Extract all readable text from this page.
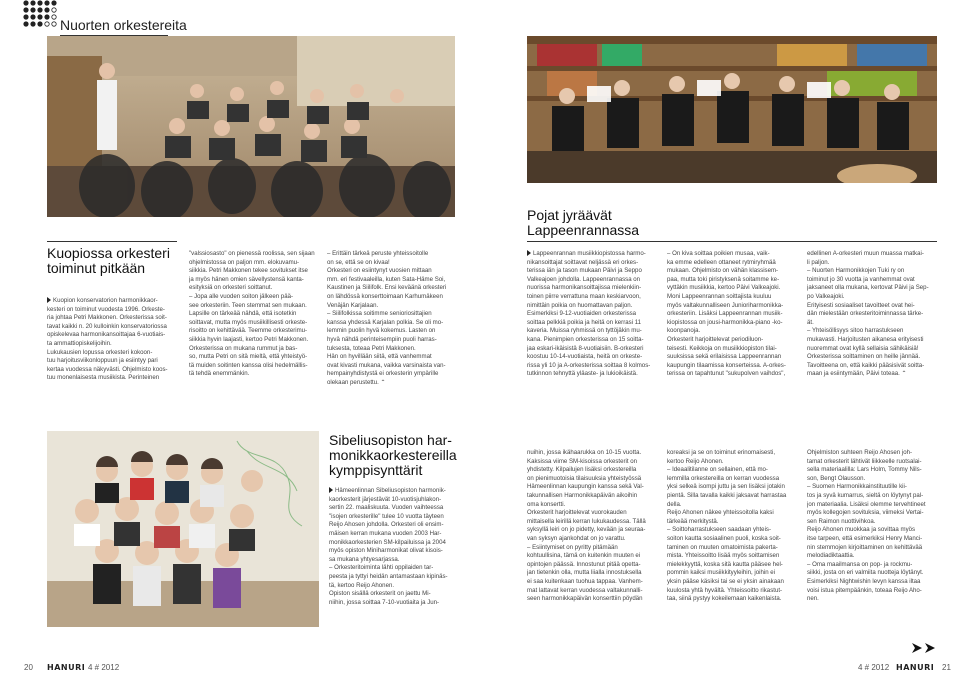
Nuorten orkestereita
Pojat jyräävät
Lappeenrannassa
Kuopiossa orkesteri
toiminut pitkään
Kuopion konservatorion harmonikkaor-
kesteri on toiminut vuodesta 1996. Orkeste-
ria johtaa Petri Makkonen. Orkesterissa soit-
tavat kaikki n. 20 kulloinkin konservatoriossa
opiskelevaa harmonikansoittajaa 6-vuotiais-
ta ammattiopiskelijoihin.
Lukukausien lopussa orkesteri kokoon-
tuu harjoitusviikonloppuun ja esiintyy pari
kertaa vuodessa näkyvästi. Ohjelmisto koos-
tuu monenlaisesta musiikista. Perinteinen
"valssiosasto" on pienessä roolissa, sen sijaan
ohjelmistossa on paljon mm. elokuvamu-
siikkia. Petri Makkonen tekee sovitukset itse
ja myös hänen omien sävellystensä kanta-
esityksiä on orkesteri soittanut.
– Jopa alle vuoden soiton jälkeen pää-
see orkesteriin. Teen stemmat sen mukaan.
Lapsille on tärkeää nähdä, että isotetkin
soittavat, mutta myös musiikillisesti orkeste-
risoitto on kehittävää. Teemme orkesterimu-
siikkia hyvin laajasti, kertoo Petri Makkonen.
Orkesterissa on mukana rummut ja bas-
so, mutta Petri on sitä mieltä, että yhteistyö-
tä muiden soitinten kanssa olisi hedelmällis-
tä tehdä enemmänkin.
– Erittäin tärkeä peruste yhteissoitolle
on se, että se on kivaa!
Orkesteri on esiintynyt vuosien mittaan
mm. eri festivaaleilla, kuten Sata-Häme Soi,
Kaustinen ja Siilifolk. Ensi keväänä orkesteri
on lähdössä konserttoimaan Karhumäkeen
Venäjän Karjalaan.
– Siilifolkissa soitimme senioriosittajien
kanssa yhdessä Karjalan polkia. Se oli mo-
lemmin puolin hyvä kokemus. Lasten on
hyvä nähdä perinteisempiin puoli harras-
tuksesta, toteaa Petri Makkonen.
Hän on hyvillään siitä, että vanhemmat
ovat kivasti mukana, vaikka varsinaista van-
hempainyhdistystä ei orkesterin ympärille
olekaan perustettu. ⌃
Lappeenrannan musiikkiopistossa harmo-
nikansoittajat soittavat neljässä eri orkes-
terissa iän ja tason mukaan Päivi ja Seppo
Valkeajoen johdolla. Lappeenrannassa on
nuorissa harmonikansoittajissa mielenkiin-
toinen piirre verrattuna maan keskiarvoon,
nimittäin poikia on huomattavan paljon.
Esimerkiksi 9-12-vuotiaiden orkesterissa
soittaa pelkkiä poikia ja heitä on kerrasi 11
kaveria. Muissa ryhmissä on tyttöjäkin mu-
kana. Pienimpien orkesterissa on 15 soitta-
jaa eskari-ikäisistä 8-vuotiaisiin. B-orkesteri
koostuu 10-14-vuotiaista, heitä on orkeste-
rissa yli 10 ja A-orkesterissa soittaa 8 kolmos-
tutkinnon tehnyttä yläaste- ja lukioikäistä.
– On kiva soittaa poikien musaa, vaik-
ka emme edelleen ottaneet rytmiryhmää
mukaan. Ohjelmisto on vähän klassisem-
paa, mutta toki piristyksenä soitamme ke-
vyttäkin musiikkia, kertoo Päivi Valkeajoki.
Moni Lappeenrannan soittajista kuuluu
myös valtakunnalliseen Junioriharmonikka-
orkesteriin. Lisäksi Lappeenrannan musiik-
kiopistossa on jousi-harmonikka-piano -ko-
koonpanoja.
Orkesterit harjoittelevat periodiluon-
teisesti. Keikkoja on musiikkiopiston tilai-
suuksissa sekä erilaisissa Lappeenrannan
kaupungin tilaamissa konserteissa. A-orkes-
terissa on tapahtunut "sukupolven vaihdos",
edellinen A-orkesteri muun muassa matkai-
li paljon.
– Nuorten Harmonikkojen Tuki ry on
toiminut jo 30 vuotta ja vanhemmat ovat
jaksaneet olla mukana, kertovat Päivi ja Sep-
po Valkeajoki.
Erityisesti sosiaaliset tavoitteet ovat hei-
dän mielestään orkesteritoiminnassa tärke-
ät.
– Yhteisöllisyys sitoo harrastukseen
mukavasti. Harjoitusten aikanesa erityisesti
nuoremmat ovat kyllä sellaisia sähikäisiä!
Orkesterissa soittaminen on heille jännää.
Tavoitteena on, että kaikki pääsisivät soitta-
maan ja esiintymään, Päivi toteaa. ⌃
Sibeliusopiston har-
monikkaorkestereilla
kymppisynttärit
Hämeenlinnan Sibeliusopiston harmonik-
kaorkesterit järjestävät 10-vuotisjuhlakon-
sertin 22. maaliskuuta. Vuoden vaihteessa
"isojen orkesterille" tulee 10 vuotta täyteen
Reijo Ahosen johdolla. Orkesteri oli ensim-
mäisen kerran mukana vuoden 2003 Har-
monikkaorkesterien SM-kilpailuissa ja 2004
myös opiston Miniharmonikat olivat kisois-
sa mukana yhtyesarjassa.
– Orkesteritoiminta lähti oppilaiden tar-
peesta ja tyttyi heidän antamastaan kipinäs-
tä, kertoo Reijo Ahonen.
Opiston sisällä orkesterit on jaettu Mi-
niihin, jossa soittaa 7-10-vuotiaita ja Jun-
nuihin, jossa ikähaarukka on 10-15 vuotta.
Kaksissa viime SM-kisoissa orkesterit on
yhdistetty. Kilpailujen lisäksi orkestereilla
on pienimuotoisia tilaisuuksia yhteistyössä
Hämeenlinnan kaupungin kanssa sekä Val-
takunnallisen Harmonikkapäivän aikoihin
oma konsertti.
Orkesterit harjoittelevat vuorokauden
mittaisella leirillä kerran lukukaudessa. Tällä
syksyllä leiri on jo pidetty, kevään ja seuraa-
van syksyn ajankohdat on jo varattu.
– Esiintymiset on pyritty pitämään
kohtuullisina, tämä on kuitenkin muuten ei
opintojen päässä. Innostunut pitää opetta-
jan tietenkin olla, mutta liialla innostuksella
ei saa kuitenkaan tuohua tappaa. Vanhem-
mat lattavat kerran vuodessa valtakunnalli-
seen harmonikkapäivän konserttiin pöydän
koreaksi ja se on toiminut erinomaisesti,
kertoo Reijo Ahonen.
– Ideaalitilanne on sellainen, että mo-
lemmilla orkestereilla on kerran vuodessa
yksi selkeä isompi juttu ja sen lisäksi jotakin
pientä. Silla tavalla kaikki jaksavat harrastaa
della.
Reijo Ahonen näkee yhteissoitolla kaksi
tärkeää merkitystä.
– Soittoharrastukseen saadaan yhteis-
soiton kautta sosiaalinen puoli, koska soit-
taminen on muuten omatoimista pakerta-
mista. Yhteissoitto lisää myös soittamisen
mielekkyyttä, koska sitä kautta pääsee hel-
pommin kaiksi musiikkityyleihin, joihin ei
yksin pääse käsiksi tai se ei yksin ainakaan
kuulosta yhtä hyvältä. Yhteissoitto rikastut-
taa, siinä pystyy kokeilemaan kaikenlaista.
Ohjelmiston suhteen Reijo Ahosen joh-
tamat orkesterit lähtivät liikkeelle ruotsalai-
sella materiaalilla: Lars Holm, Tommy Nils-
son, Bengt Olausson.
– Suomen Harmonikkainstituutille kii-
tos ja syvä kumarrus, sieltä on löytynyt pal-
jon materiaalia. Lisäksi olemme tervehtineet
myös kollegojen sovituksia, viimeksi Vertai-
sen Raimon nuottivihkoa.
Reijo Ahonen muokkaa ja sovittaa myös
itse tarpeen, että esimerkiksi Henry Manci-
nin stemmojen kirjoittaminen on kehittävää
melodiadiktaattia.
– Oma maailmansa on pop- ja rockmu-
siikki, josta on eri valmiita nuotteja löytänyt.
Esimerkiksi Nightwishin levyn kanssa iltaa
voisi istua pitempäänkin, toteaa Reijo Aho-
nen.
20 HANURI 4 # 2012	4 # 2012 HANURI 21
